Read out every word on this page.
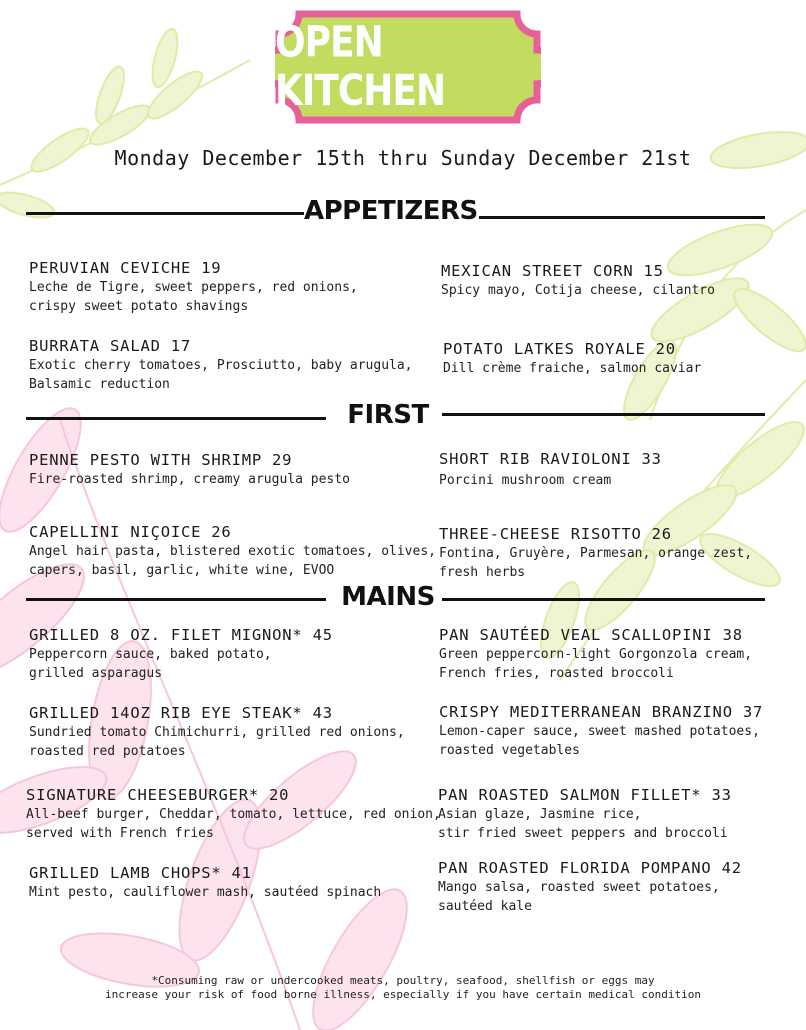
OPEN KITCHEN
Monday December 15th thru Sunday December 21st
APPETIZERS
PERUVIAN CEVICHE 19
Leche de Tigre, sweet peppers, red onions,
crispy sweet potato shavings
MEXICAN STREET CORN 15
Spicy mayo, Cotija cheese, cilantro
BURRATA SALAD 17
Exotic cherry tomatoes, Prosciutto, baby arugula,
Balsamic reduction
POTATO LATKES ROYALE 20
Dill crème fraiche, salmon caviar
FIRST
PENNE PESTO WITH SHRIMP 29
Fire-roasted shrimp, creamy arugula pesto
SHORT RIB RAVIOLONI 33
Porcini mushroom cream
CAPELLINI NIÇOICE 26
Angel hair pasta, blistered exotic tomatoes, olives,
capers, basil, garlic, white wine, EVOO
THREE-CHEESE RISOTTO 26
Fontina, Gruyère, Parmesan, orange zest,
fresh herbs
MAINS
GRILLED 8 OZ. FILET MIGNON* 45
Peppercorn sauce, baked potato,
grilled asparagus
PAN SAUTÉED VEAL SCALLOPINI 38
Green peppercorn-light Gorgonzola cream,
French fries, roasted broccoli
GRILLED 14OZ RIB EYE STEAK* 43
Sundried tomato Chimichurri, grilled red onions,
roasted red potatoes
CRISPY MEDITERRANEAN BRANZINO 37
Lemon-caper sauce, sweet mashed potatoes,
roasted vegetables
SIGNATURE CHEESEBURGER* 20
All-beef burger, Cheddar, tomato, lettuce, red onion,
served with French fries
PAN ROASTED SALMON FILLET* 33
Asian glaze, Jasmine rice,
stir fried sweet peppers and broccoli
GRILLED LAMB CHOPS* 41
Mint pesto, cauliflower mash, sautéed spinach
PAN ROASTED FLORIDA POMPANO 42
Mango salsa, roasted sweet potatoes,
sautéed kale
*Consuming raw or undercooked meats, poultry, seafood, shellfish or eggs may
increase your risk of food borne illness, especially if you have certain medical condition
